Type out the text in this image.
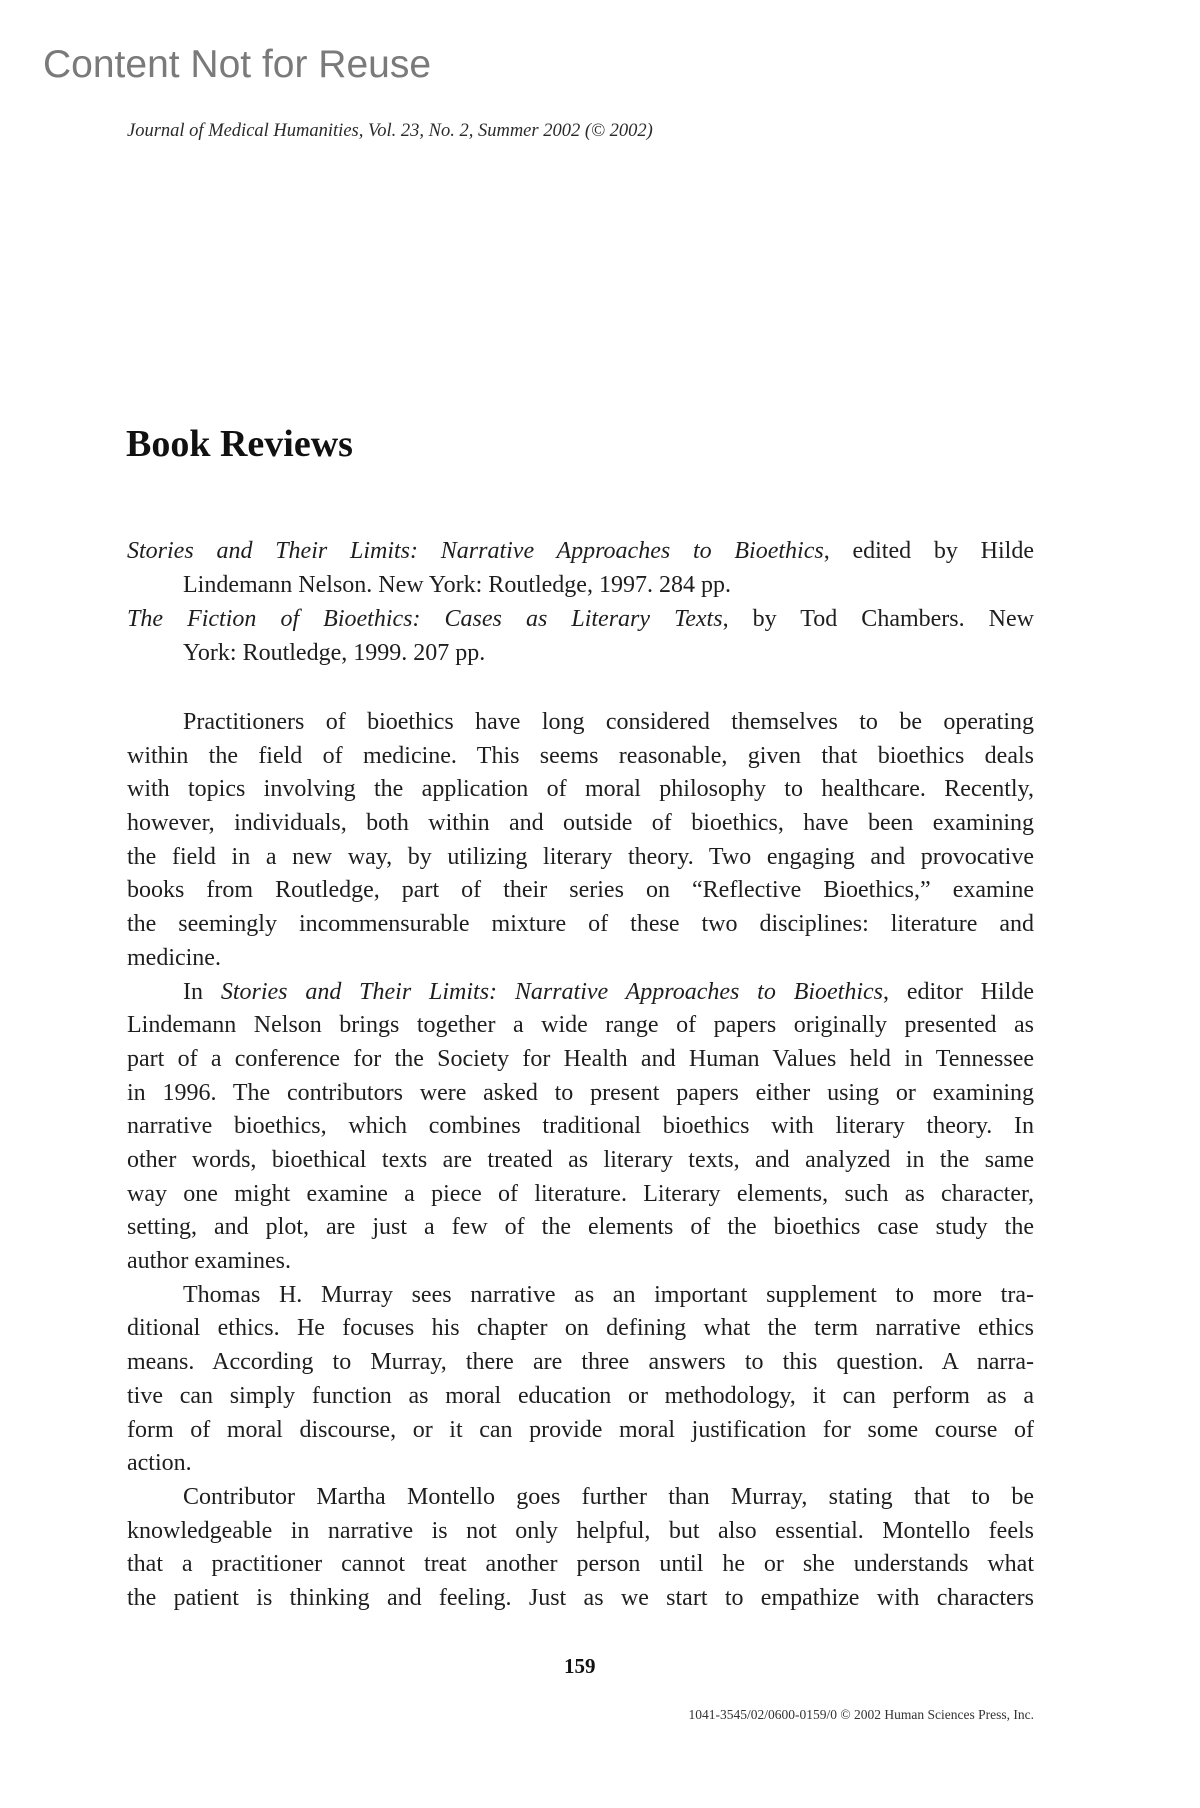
Content Not for Reuse
Journal of Medical Humanities, Vol. 23, No. 2, Summer 2002 (© 2002)
Book Reviews
Stories and Their Limits: Narrative Approaches to Bioethics, edited by Hilde
Lindemann Nelson. New York: Routledge, 1997. 284 pp.
The Fiction of Bioethics: Cases as Literary Texts, by Tod Chambers. New
York: Routledge, 1999. 207 pp.
Practitioners of bioethics have long considered themselves to be operating
within the field of medicine. This seems reasonable, given that bioethics deals
with topics involving the application of moral philosophy to healthcare. Recently,
however, individuals, both within and outside of bioethics, have been examining
the field in a new way, by utilizing literary theory. Two engaging and provocative
books from Routledge, part of their series on “Reflective Bioethics,” examine
the seemingly incommensurable mixture of these two disciplines: literature and
medicine.
In Stories and Their Limits: Narrative Approaches to Bioethics, editor Hilde
Lindemann Nelson brings together a wide range of papers originally presented as
part of a conference for the Society for Health and Human Values held in Tennessee
in 1996. The contributors were asked to present papers either using or examining
narrative bioethics, which combines traditional bioethics with literary theory. In
other words, bioethical texts are treated as literary texts, and analyzed in the same
way one might examine a piece of literature. Literary elements, such as character,
setting, and plot, are just a few of the elements of the bioethics case study the
author examines.
Thomas H. Murray sees narrative as an important supplement to more tra-
ditional ethics. He focuses his chapter on defining what the term narrative ethics
means. According to Murray, there are three answers to this question. A narra-
tive can simply function as moral education or methodology, it can perform as a
form of moral discourse, or it can provide moral justification for some course of
action.
Contributor Martha Montello goes further than Murray, stating that to be
knowledgeable in narrative is not only helpful, but also essential. Montello feels
that a practitioner cannot treat another person until he or she understands what
the patient is thinking and feeling. Just as we start to empathize with characters
159
1041-3545/02/0600-0159/0 © 2002 Human Sciences Press, Inc.
